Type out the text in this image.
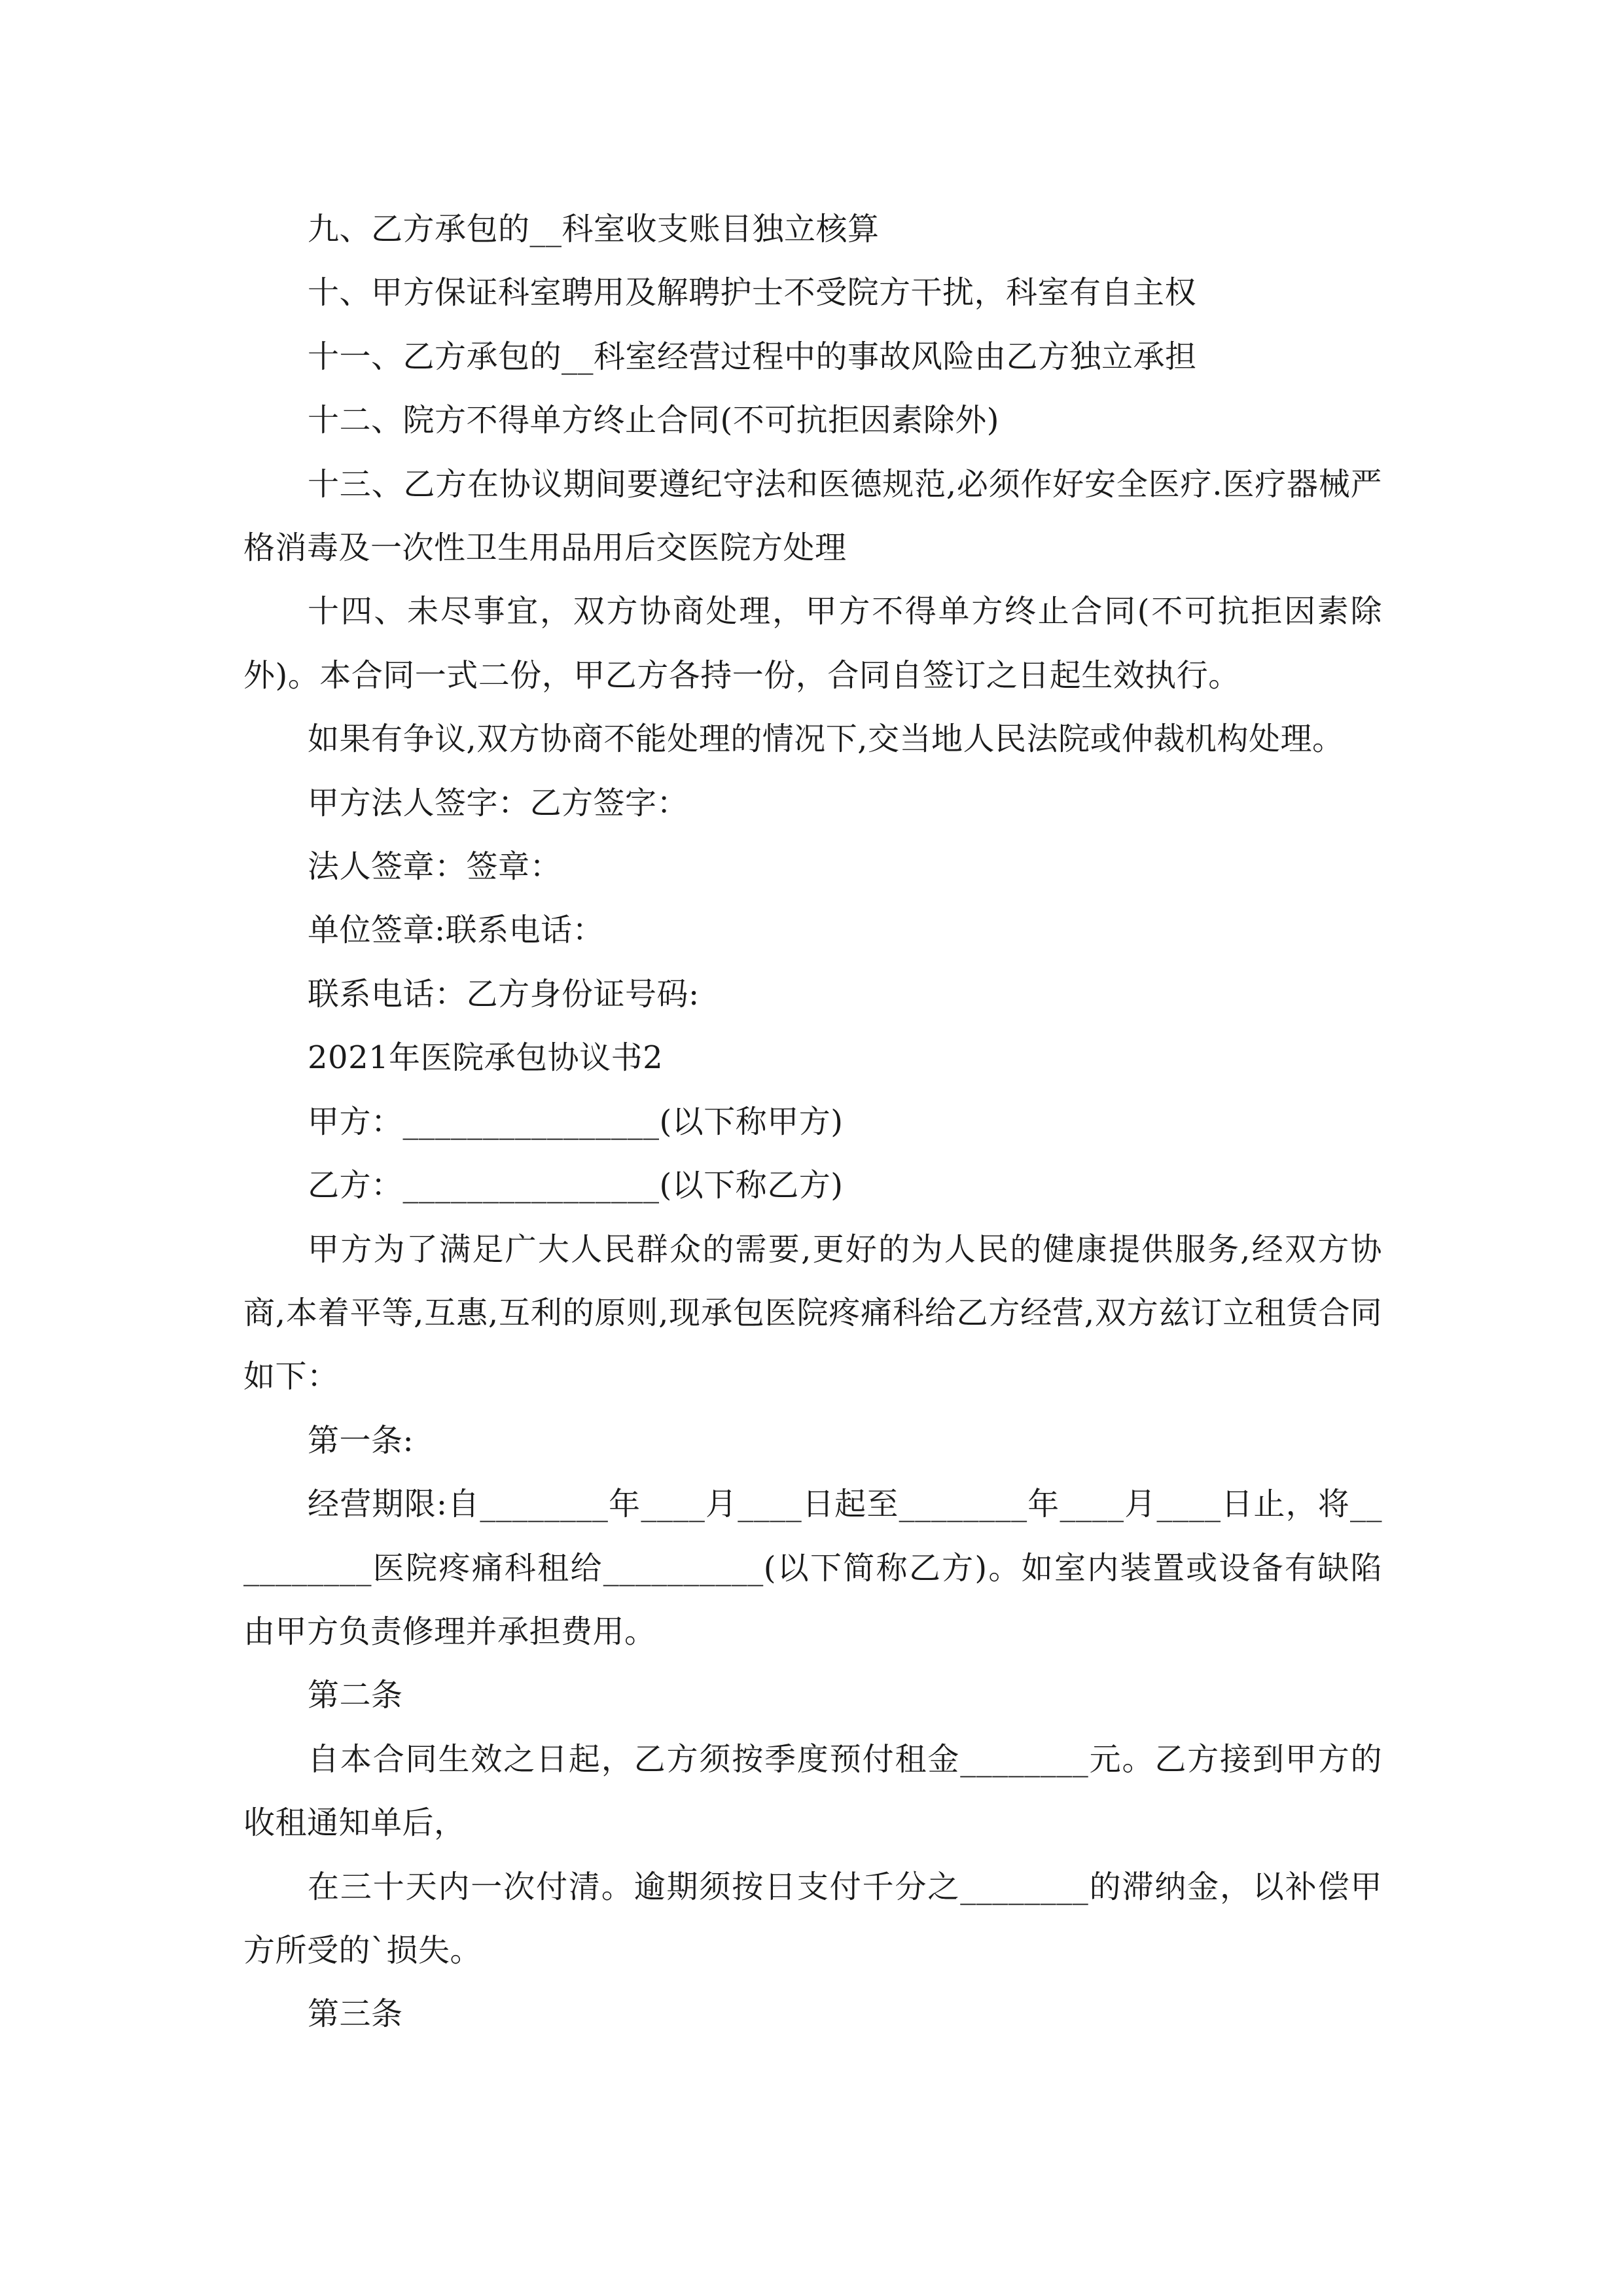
九、乙方承包的__科室收支账目独立核算

十、甲方保证科室聘用及解聘护士不受院方干扰，科室有自主权

十一、乙方承包的__科室经营过程中的事故风险由乙方独立承担

十二、院方不得单方终止合同(不可抗拒因素除外)

十三、乙方在协议期间要遵纪守法和医德规范,必须作好安全医疗.医疗器械严格消毒及一次性卫生用品用后交医院方处理

十四、未尽事宜，双方协商处理，甲方不得单方终止合同(不可抗拒因素除外)。本合同一式二份，甲乙方各持一份，合同自签订之日起生效执行。

如果有争议,双方协商不能处理的情况下,交当地人民法院或仲裁机构处理。

甲方法人签字：乙方签字：

法人签章：签章：

单位签章:联系电话：

联系电话：乙方身份证号码:

2021年医院承包协议书2

甲方：________________(以下称甲方)

乙方：________________(以下称乙方)

甲方为了满足广大人民群众的需要,更好的为人民的健康提供服务,经双方协商,本着平等,互惠,互利的原则,现承包医院疼痛科给乙方经营,双方兹订立租赁合同如下：

第一条:

经营期限:自________年____月____日起至________年____月____日止，将__________医院疼痛科租给__________(以下简称乙方)。如室内装置或设备有缺陷由甲方负责修理并承担费用。

第二条

自本合同生效之日起，乙方须按季度预付租金________元。乙方接到甲方的收租通知单后，

在三十天内一次付清。逾期须按日支付千分之________的滞纳金，以补偿甲方所受的`损失。

第三条
